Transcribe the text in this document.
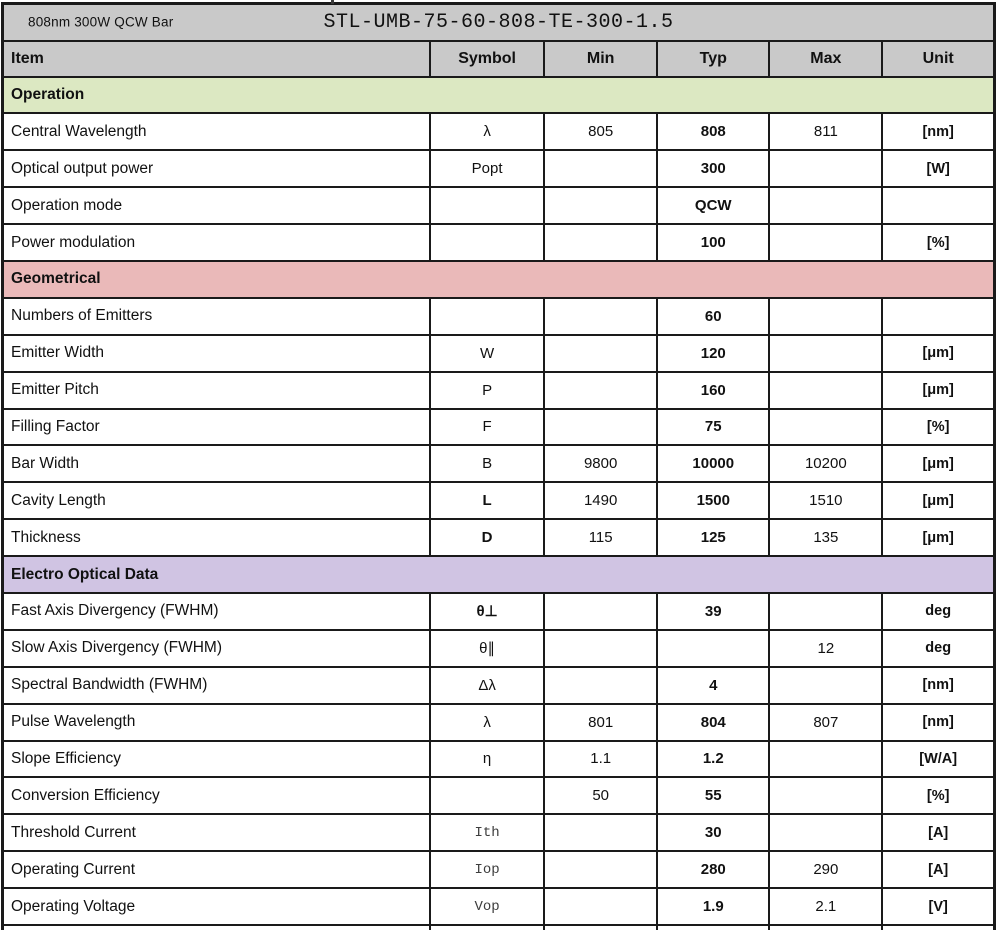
808nm 300W QCW Bar STL-UMB-75-60-808-TE-300-1.5					
Item	Symbol	Min	Typ	Max	Unit
Operation					
Central Wavelength	λ	805	808	811	[nm]
Optical output power	Popt		300		[W]
Operation mode			QCW		
Power modulation			100		[%]
Geometrical					
Numbers of Emitters			60		
Emitter Width	W		120		[μm]
Emitter Pitch	P		160		[μm]
Filling Factor	F		75		[%]
Bar Width	B	9800	10000	10200	[μm]
Cavity Length	L	1490	1500	1510	[μm]
Thickness	D	115	125	135	[μm]
Electro Optical Data					
Fast Axis Divergency (FWHM)	θ⊥		39		deg
Slow Axis Divergency (FWHM)	θ∥			12	deg
Spectral Bandwidth (FWHM)	Δλ		4		[nm]
Pulse Wavelength	λ	801	804	807	[nm]
Slope Efficiency	η	1.1	1.2		[W/A]
Conversion Efficiency		50	55		[%]
Threshold Current	Ith		30		[A]
Operating Current	Iop		280	290	[A]
Operating Voltage	Vop		1.9	2.1	[V]
